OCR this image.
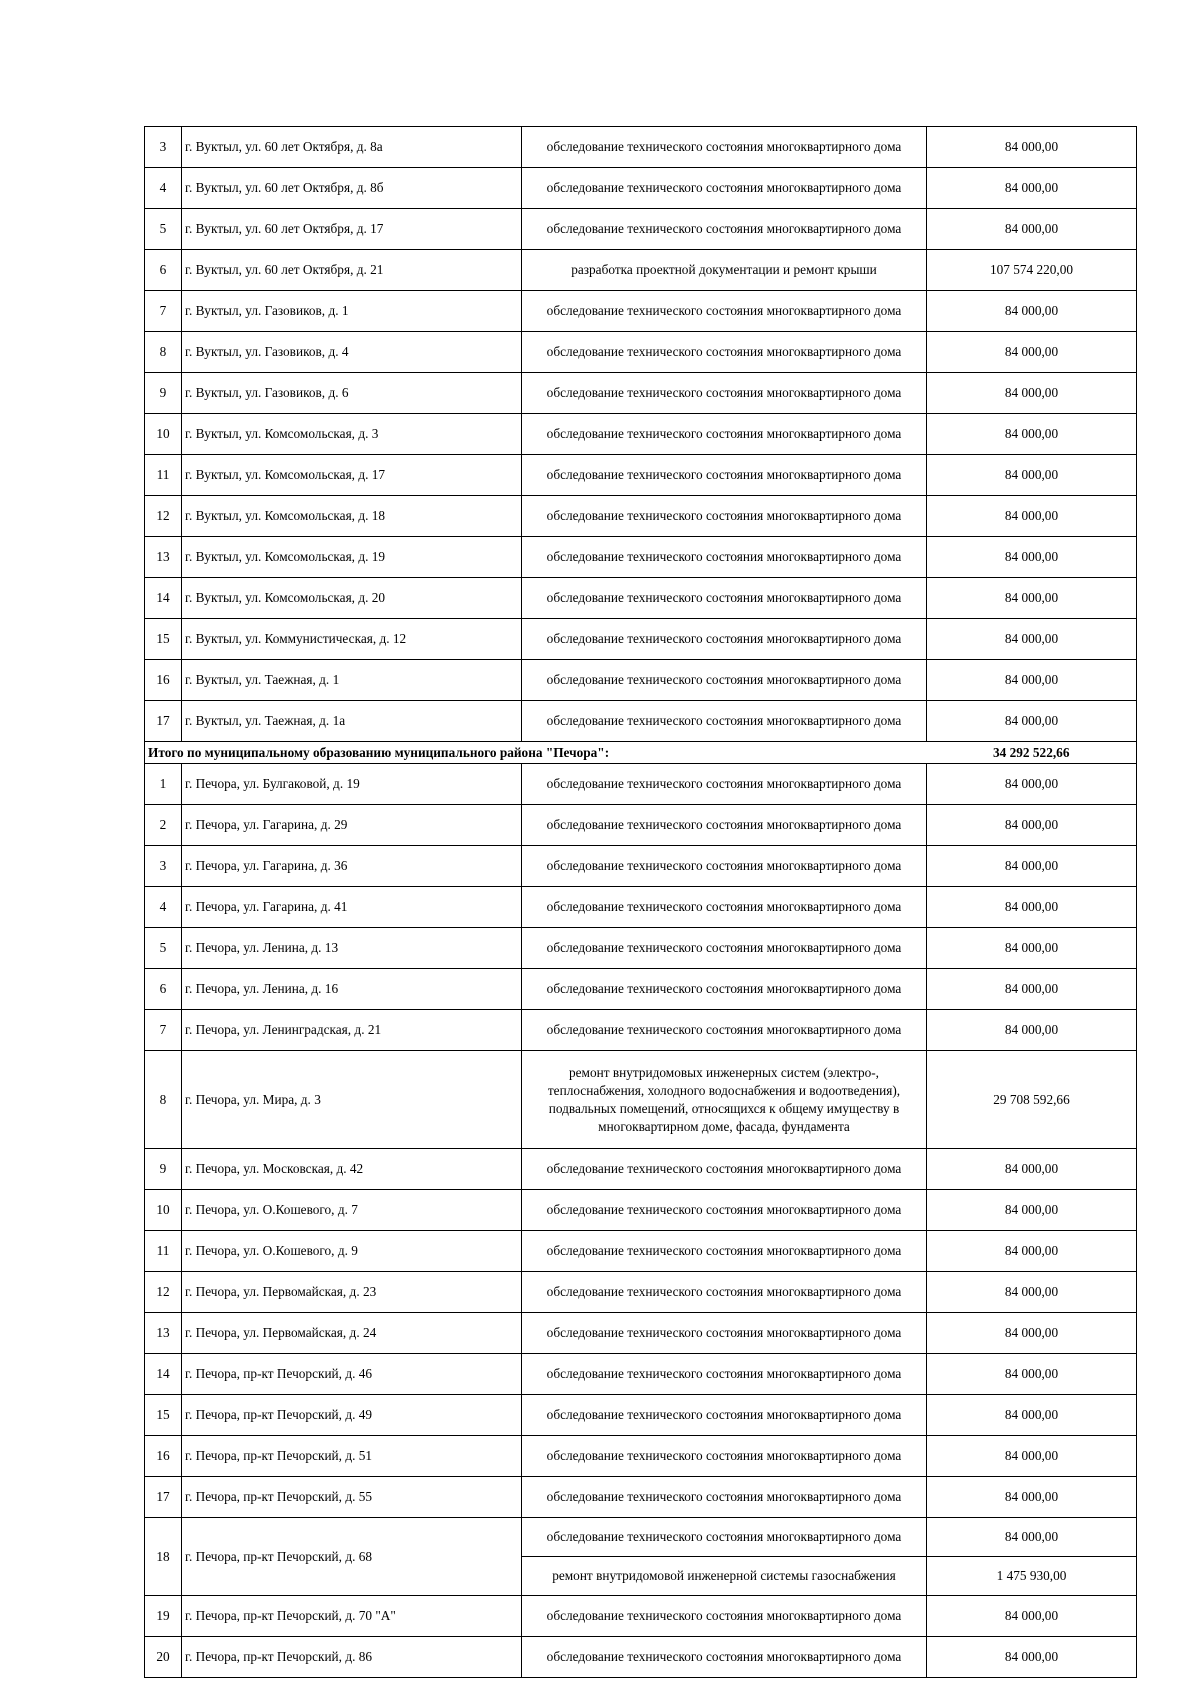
3	г. Вуктыл, ул. 60 лет Октября, д. 8а	обследование технического состояния многоквартирного дома	84 000,00
4	г. Вуктыл, ул. 60 лет Октября, д. 8б	обследование технического состояния многоквартирного дома	84 000,00
5	г. Вуктыл, ул. 60 лет Октября, д. 17	обследование технического состояния многоквартирного дома	84 000,00
6	г. Вуктыл, ул. 60 лет Октября, д. 21	разработка проектной документации и ремонт крыши	107 574 220,00
7	г. Вуктыл, ул. Газовиков, д. 1	обследование технического состояния многоквартирного дома	84 000,00
8	г. Вуктыл, ул. Газовиков, д. 4	обследование технического состояния многоквартирного дома	84 000,00
9	г. Вуктыл, ул. Газовиков, д. 6	обследование технического состояния многоквартирного дома	84 000,00
10	г. Вуктыл, ул. Комсомольская, д. 3	обследование технического состояния многоквартирного дома	84 000,00
11	г. Вуктыл, ул. Комсомольская, д. 17	обследование технического состояния многоквартирного дома	84 000,00
12	г. Вуктыл, ул. Комсомольская, д. 18	обследование технического состояния многоквартирного дома	84 000,00
13	г. Вуктыл, ул. Комсомольская, д. 19	обследование технического состояния многоквартирного дома	84 000,00
14	г. Вуктыл, ул. Комсомольская, д. 20	обследование технического состояния многоквартирного дома	84 000,00
15	г. Вуктыл, ул. Коммунистическая, д. 12	обследование технического состояния многоквартирного дома	84 000,00
16	г. Вуктыл, ул. Таежная, д. 1	обследование технического состояния многоквартирного дома	84 000,00
17	г. Вуктыл, ул. Таежная, д. 1а	обследование технического состояния многоквартирного дома	84 000,00
Итого по муниципальному образованию муниципального района "Печора":			34 292 522,66
1	г. Печора, ул. Булгаковой, д. 19	обследование технического состояния многоквартирного дома	84 000,00
2	г. Печора, ул. Гагарина, д. 29	обследование технического состояния многоквартирного дома	84 000,00
3	г. Печора, ул. Гагарина, д. 36	обследование технического состояния многоквартирного дома	84 000,00
4	г. Печора, ул. Гагарина, д. 41	обследование технического состояния многоквартирного дома	84 000,00
5	г. Печора, ул. Ленина, д. 13	обследование технического состояния многоквартирного дома	84 000,00
6	г. Печора, ул. Ленина, д. 16	обследование технического состояния многоквартирного дома	84 000,00
7	г. Печора, ул. Ленинградская, д. 21	обследование технического состояния многоквартирного дома	84 000,00
8	г. Печора, ул. Мира, д. 3	ремонт внутридомовых инженерных систем (электро-, теплоснабжения, холодного водоснабжения и водоотведения), подвальных помещений, относящихся к общему имуществу в многоквартирном доме, фасада, фундамента	29 708 592,66
9	г. Печора, ул. Московская, д. 42	обследование технического состояния многоквартирного дома	84 000,00
10	г. Печора, ул. О.Кошевого, д. 7	обследование технического состояния многоквартирного дома	84 000,00
11	г. Печора, ул. О.Кошевого, д. 9	обследование технического состояния многоквартирного дома	84 000,00
12	г. Печора, ул. Первомайская, д. 23	обследование технического состояния многоквартирного дома	84 000,00
13	г. Печора, ул. Первомайская, д. 24	обследование технического состояния многоквартирного дома	84 000,00
14	г. Печора, пр-кт Печорский, д. 46	обследование технического состояния многоквартирного дома	84 000,00
15	г. Печора, пр-кт Печорский, д. 49	обследование технического состояния многоквартирного дома	84 000,00
16	г. Печора, пр-кт Печорский, д. 51	обследование технического состояния многоквартирного дома	84 000,00
17	г. Печора, пр-кт Печорский, д. 55	обследование технического состояния многоквартирного дома	84 000,00
18	г. Печора, пр-кт Печорский, д. 68	обследование технического состояния многоквартирного дома	84 000,00
		ремонт внутридомовой инженерной системы газоснабжения	1 475 930,00
19	г. Печора, пр-кт Печорский, д. 70 "А"	обследование технического состояния многоквартирного дома	84 000,00
20	г. Печора, пр-кт Печорский, д. 86	обследование технического состояния многоквартирного дома	84 000,00
